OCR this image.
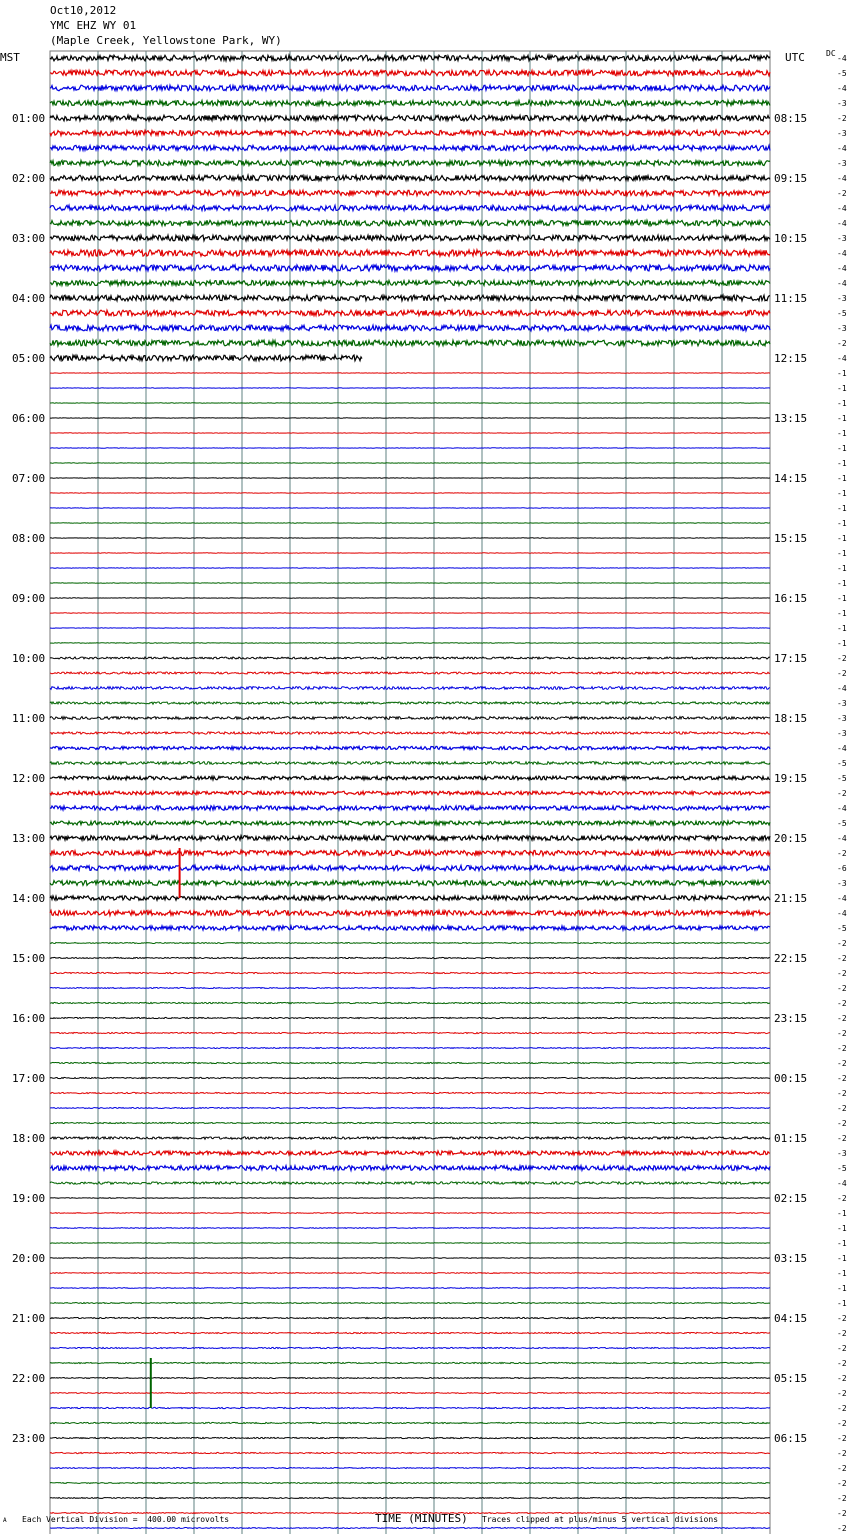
Oct10,2012
YMC EHZ WY 01
(Maple Creek, Yellowstone Park, WY)
-4
-5
-4
-3
-2
-3
-4
-3
-4
-2
-4
-4
-3
-4
-4
-4
-3
-5
-3
-2
-4
-1
-1
-1
-1
-1
-1
-1
-1
-1
-1
-1
-1
-1
-1
-1
-1
-1
-1
-1
-2
-2
-4
-3
-3
-3
-4
-5
-5
-2
-4
-5
-4
-2
-6
-3
-4
-4
-5
-2
-2
-2
-2
-2
-2
-2
-2
-2
-2
-2
-2
-2
-2
-3
-5
-4
-2
-1
-1
-1
-1
-1
-1
-1
-2
-2
-2
-2
-2
-2
-2
-2
-2
-2
-2
-2
-2
-2
-2
DC
MST	UTC
01:00
02:00
03:00
04:00
05:00
06:00
07:00
08:00
09:00
10:00
11:00
12:00
13:00
14:00
15:00
16:00
17:00
18:00
19:00
20:00
21:00
22:00
23:00
08:15
09:15
10:15
11:15
12:15
13:15
14:15
15:15
16:15
17:15
18:15
19:15
20:15
21:15
22:15
23:15
00:15
01:15
02:15
03:15
04:15
05:15
06:15
A Each Vertical Division =  400.00 microvolts	TIME (MINUTES) Traces clipped at plus/minus 5 vertical divisions
